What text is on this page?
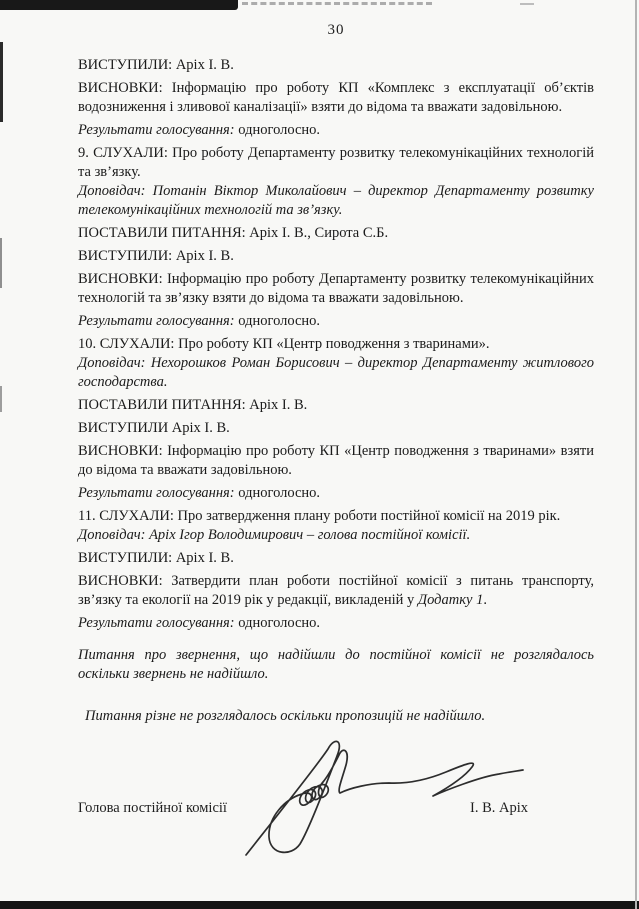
30

ВИСТУПИЛИ: Аріх І. В.

ВИСНОВКИ: Інформацію про роботу КП «Комплекс з експлуатації об’єктів водозниження і зливової каналізації» взяти до відома та вважати задовільною.

Результати голосування: одноголосно.

9. СЛУХАЛИ: Про роботу Департаменту розвитку телекомунікаційних технологій та зв’язку.

Доповідач: Потанін Віктор Миколайович – директор Департаменту розвитку телекомунікаційних технологій та зв’язку.

ПОСТАВИЛИ ПИТАННЯ: Аріх І. В., Сирота С.Б.

ВИСТУПИЛИ: Аріх І. В.

ВИСНОВКИ: Інформацію про роботу Департаменту розвитку телекомунікаційних технологій та зв’язку взяти до відома та вважати задовільною.

Результати голосування: одноголосно.

10. СЛУХАЛИ: Про роботу КП «Центр поводження з тваринами».

Доповідач: Нехорошков Роман Борисович – директор Департаменту житлового господарства.

ПОСТАВИЛИ ПИТАННЯ: Аріх І. В.

ВИСТУПИЛИ Аріх І. В.

ВИСНОВКИ: Інформацію про роботу КП «Центр поводження з тваринами» взяти до відома та вважати задовільною.

Результати голосування: одноголосно.

11. СЛУХАЛИ: Про затвердження плану роботи постійної комісії на 2019 рік.

Доповідач: Аріх Ігор Володимирович – голова постійної комісії.

ВИСТУПИЛИ: Аріх І. В.

ВИСНОВКИ: Затвердити план роботи постійної комісії з питань транспорту, зв’язку та екології на 2019 рік у редакції, викладеній у Додатку 1.

Результати голосування: одноголосно.

Питання про звернення, що надійшли до постійної комісії не розглядалось оскільки звернень не надійшло.

Питання різне не розглядалось оскільки пропозицій не надійшло.

Голова постійної комісії	І. В. Аріх
